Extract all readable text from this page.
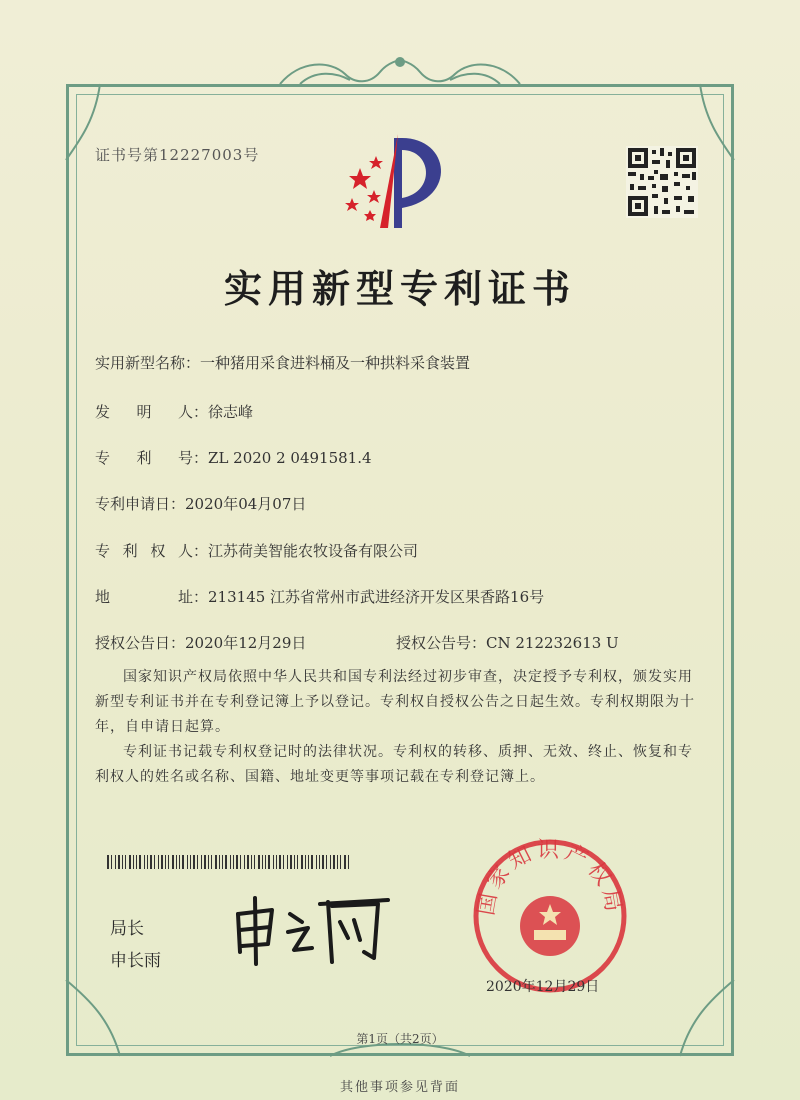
证书号第12227003号
实用新型专利证书
实用新型名称：一种猪用采食进料桶及一种拱料采食装置
发 明 人 ：徐志峰
专 利 号 ：ZL 2020 2 0491581.4
专利申请日：2020年04月07日
专 利 权 人 ：江苏荷美智能农牧设备有限公司
地	址 ：213145 江苏省常州市武进经济开发区果香路16号
授权公告日：2020年12月29日	授权公告号：CN 212232613 U
国家知识产权局依照中华人民共和国专利法经过初步审查，决定授予专利权，颁发实用新型专利证书并在专利登记簿上予以登记。专利权自授权公告之日起生效。专利权期限为十年，自申请日起算。
专利证书记载专利权登记时的法律状况。专利权的转移、质押、无效、终止、恢复和专利权人的姓名或名称、国籍、地址变更等事项记载在专利登记簿上。
局长
申长雨
国家知识产权局
2020年12月29日
第1页（共2页）
其他事项参见背面
